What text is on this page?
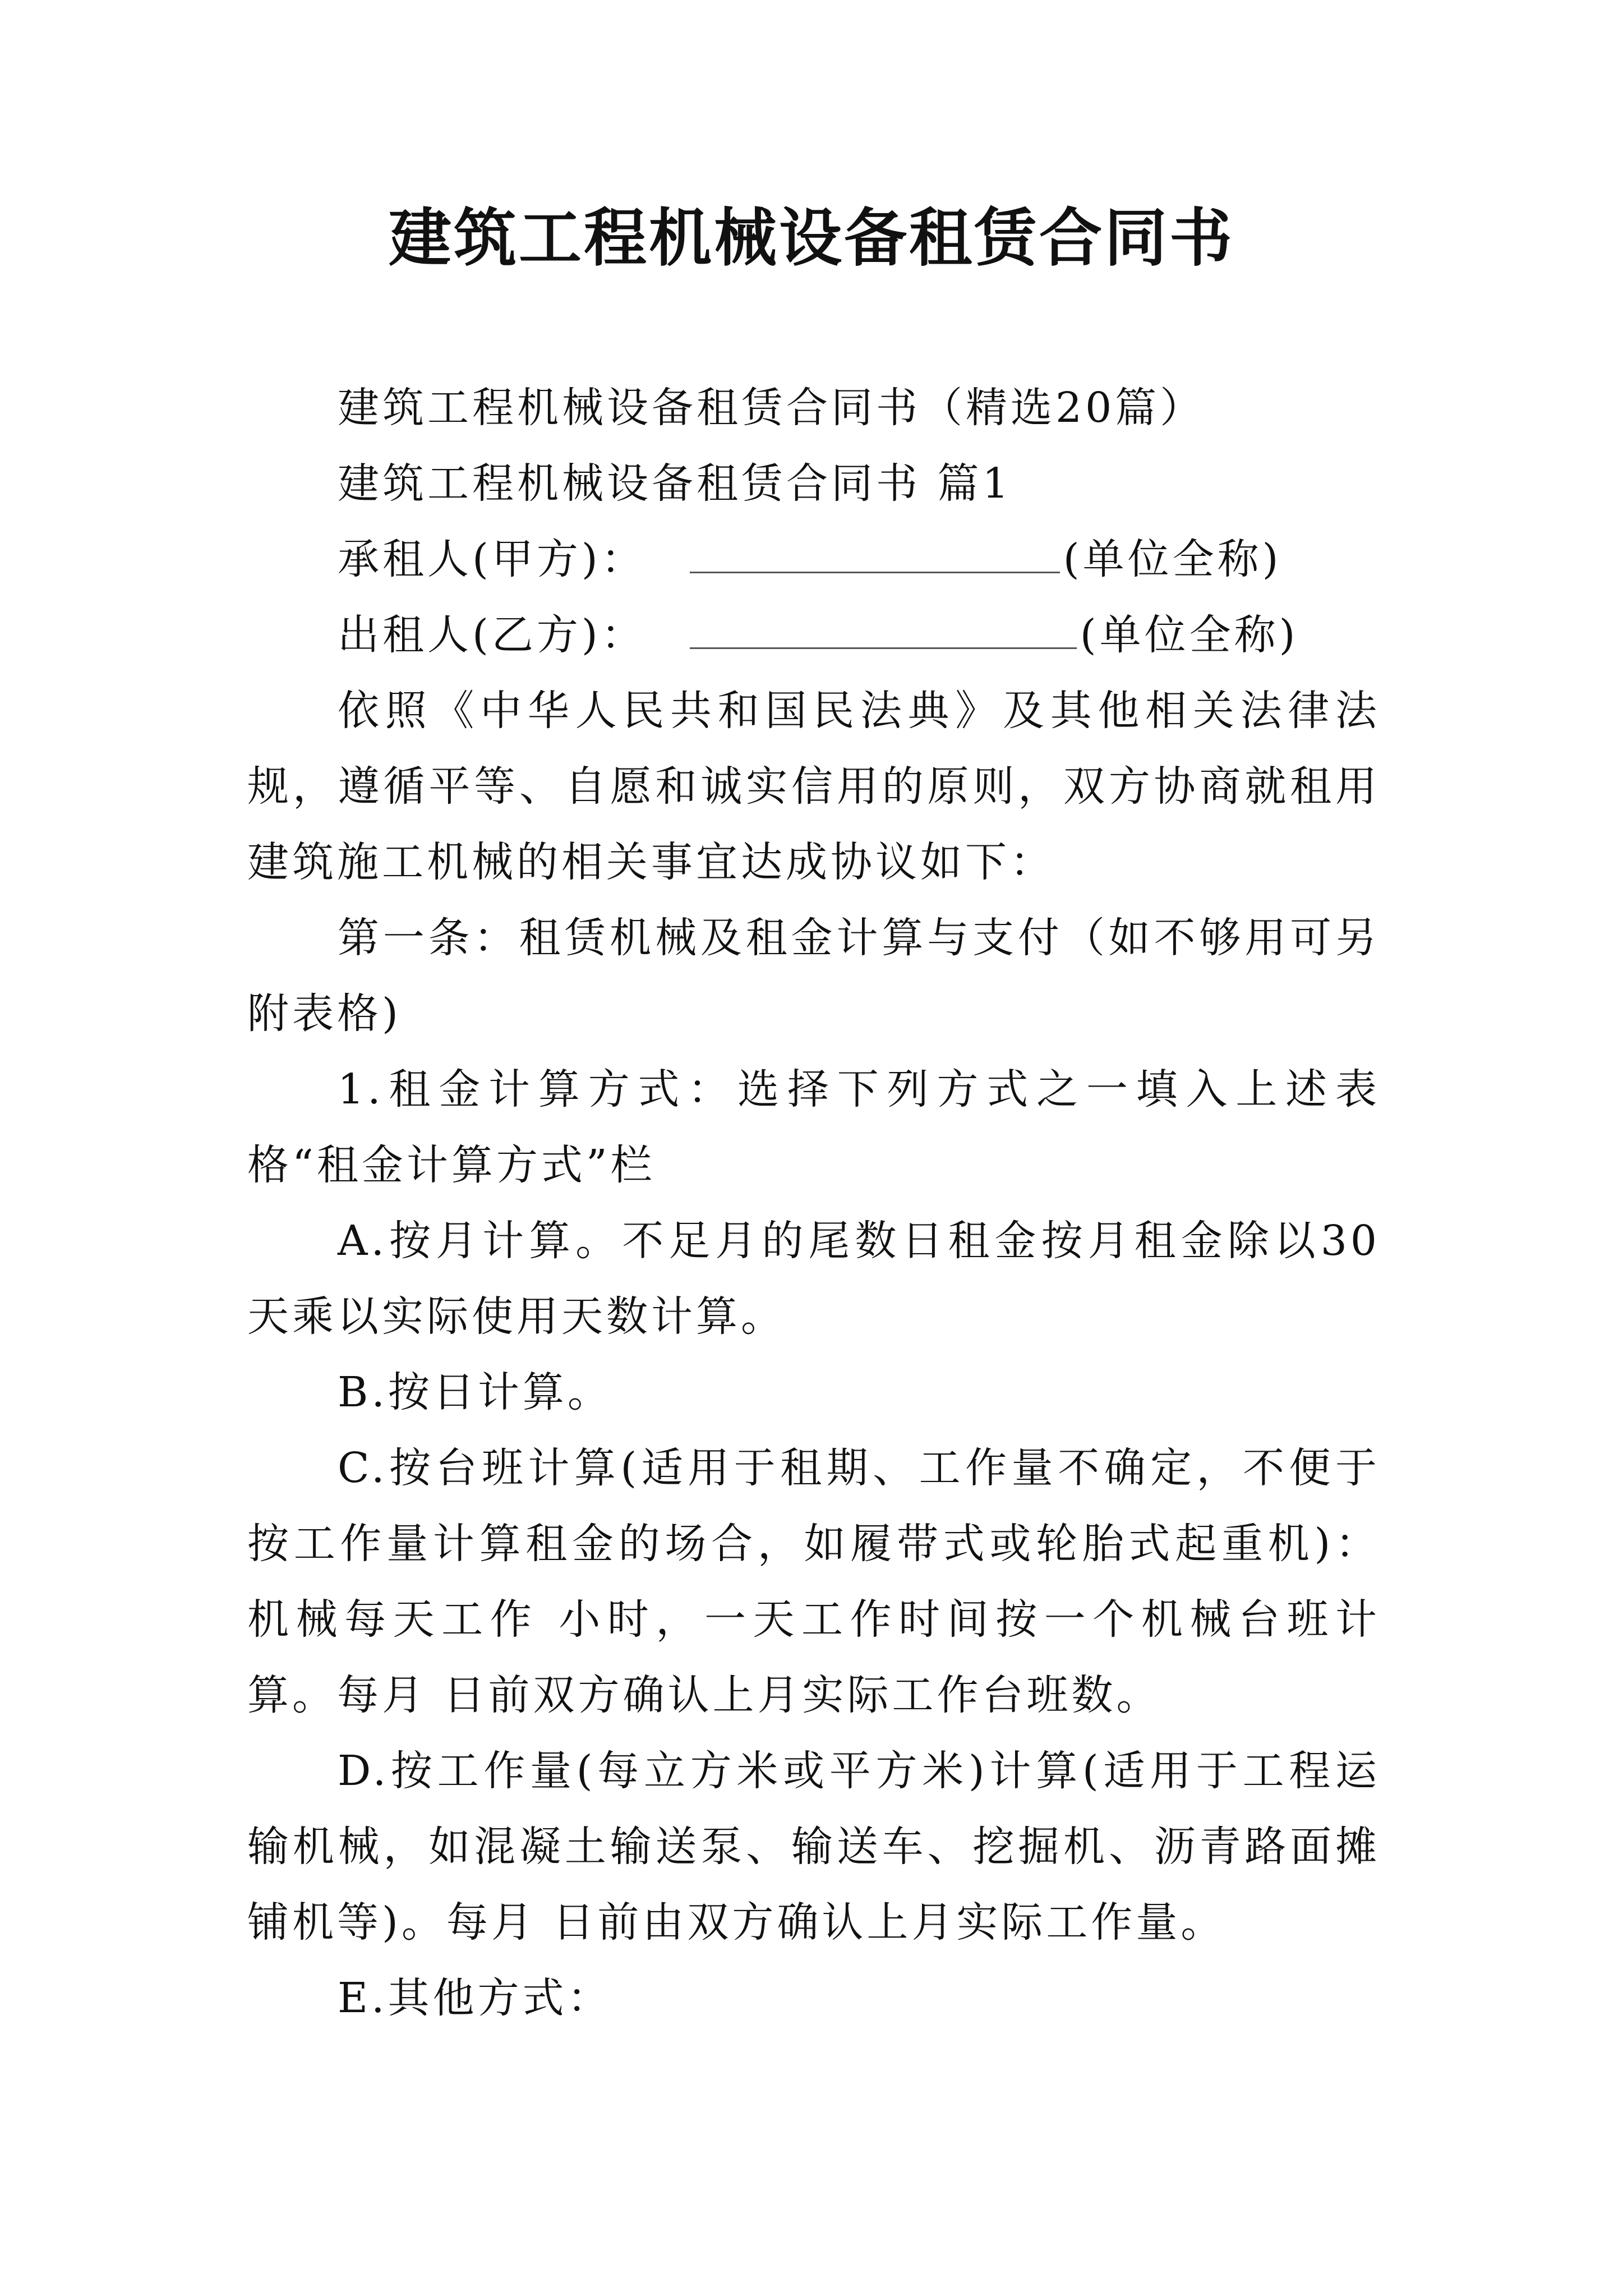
建筑工程机械设备租赁合同书

建筑工程机械设备租赁合同书（精选20篇）

建筑工程机械设备租赁合同书 篇1

承租人(甲方)：	(单位全称)

出租人(乙方)：	(单位全称)

依照《中华人民共和国民法典》及其他相关法律法规，遵循平等、自愿和诚实信用的原则，双方协商就租用建筑施工机械的相关事宜达成协议如下：

第一条：租赁机械及租金计算与支付（如不够用可另附表格)

1.租金计算方式：选择下列方式之一填入上述表格“租金计算方式”栏

A.按月计算。不足月的尾数日租金按月租金除以30天乘以实际使用天数计算。

B.按日计算。

C.按台班计算(适用于租期、工作量不确定，不便于按工作量计算租金的场合，如履带式或轮胎式起重机)：机械每天工作 小时，一天工作时间按一个机械台班计算。每月 日前双方确认上月实际工作台班数。

D.按工作量(每立方米或平方米)计算(适用于工程运输机械，如混凝土输送泵、输送车、挖掘机、沥青路面摊铺机等)。每月 日前由双方确认上月实际工作量。

E.其他方式：
